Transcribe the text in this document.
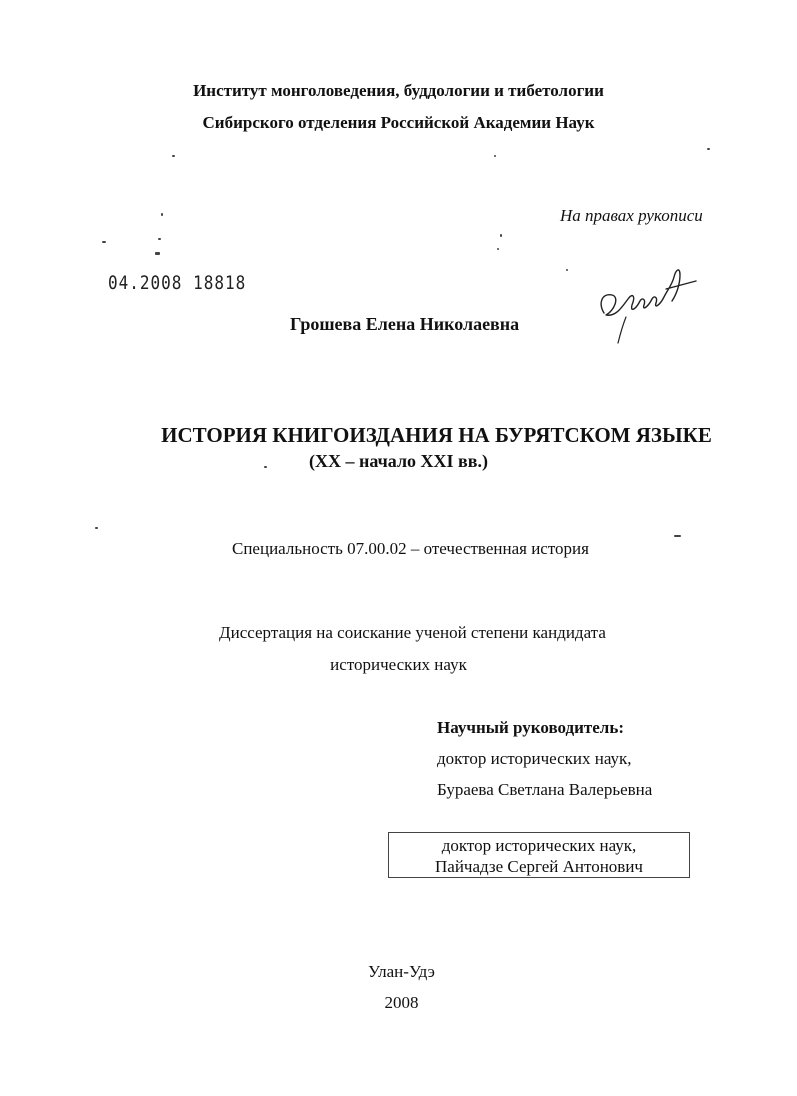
Институт монголоведения, буддологии и тибетологии
Сибирского отделения Российской Академии Наук
На правах рукописи
04.2008 18818
Грошева Елена Николаевна
ИСТОРИЯ КНИГОИЗДАНИЯ НА БУРЯТСКОМ ЯЗЫКЕ
(XX – начало XXI вв.)
Специальность 07.00.02 – отечественная история
Диссертация на соискание ученой степени кандидата
исторических наук
Научный руководитель:
доктор исторических наук,
Бураева Светлана Валерьевна
доктор исторических наук,
Пайчадзе Сергей Антонович
Улан-Удэ
2008
